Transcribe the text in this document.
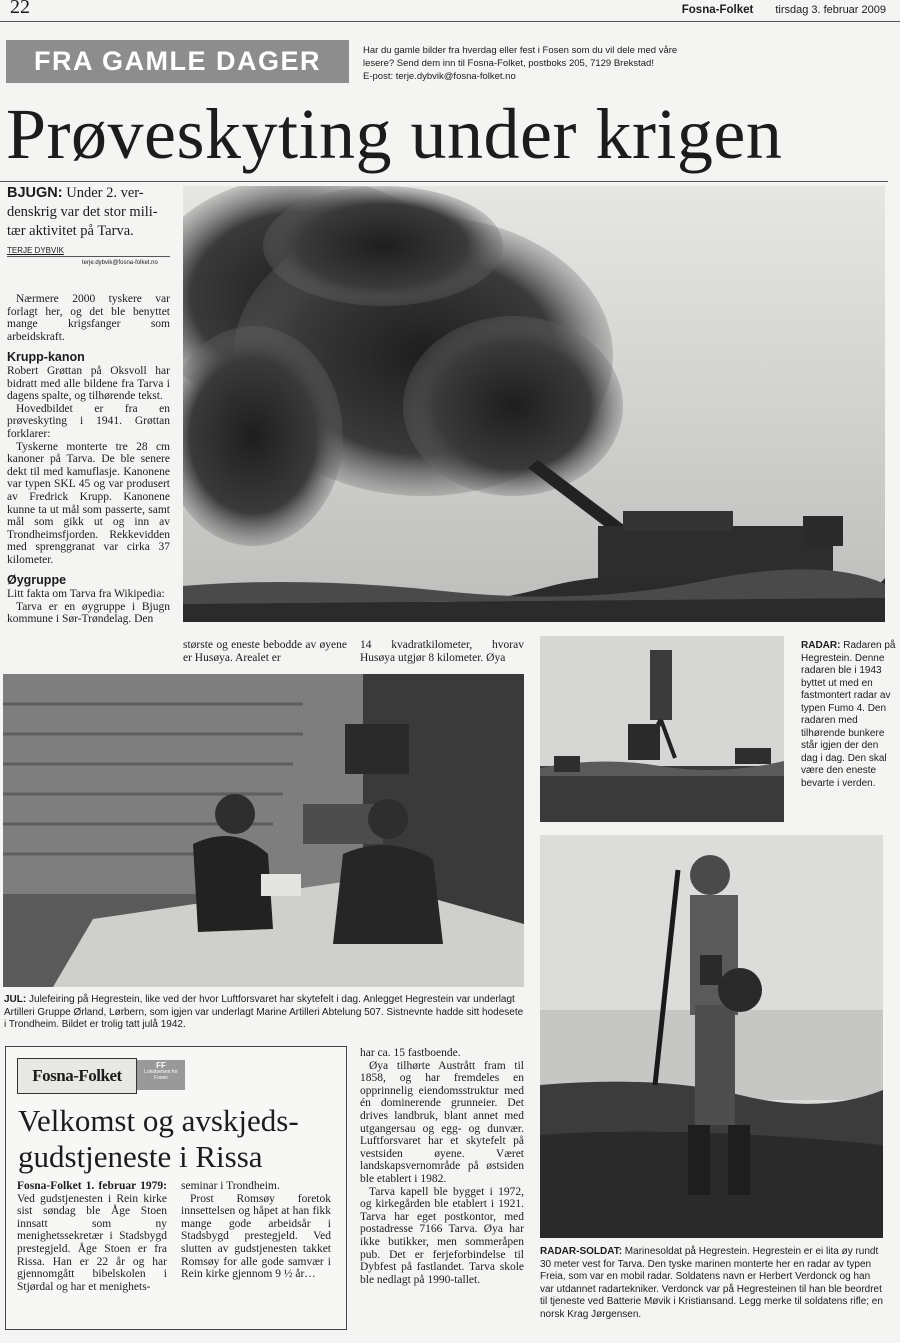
22	Fosna-Folket tirsdag 3. februar 2009
FRA GAMLE DAGER	Har du gamle bilder fra hverdag eller fest i Fosen som du vil dele med våre
lesere? Send dem inn til Fosna-Folket, postboks 205, 7129 Brekstad!
E-post: terje.dybvik@fosna-folket.no
Prøveskyting under krigen
BJUGN: Under 2. ver-
denskrig var det stor mili-
tær aktivitet på Tarva.
TERJE DYBVIK
terje.dybvik@fosna-folket.no

Nærmere 2000 tyskere var forlagt her, og det ble benyttet mange krigsfanger som arbeidskraft.

Krupp-kanon

Robert Grøttan på Oksvoll har bidratt med alle bildene fra Tarva i dagens spalte, og tilhørende tekst.

Hovedbildet er fra en prøveskyting i 1941. Grøttan forklarer:

Tyskerne monterte tre 28 cm kanoner på Tarva. De ble senere dekt til med kamuflasje. Kanonene var typen SKL 45 og var produsert av Fredrick Krupp. Kanonene kunne ta ut mål som passerte, samt mål som gikk ut og inn av Trondheimsfjorden. Rekkevidden med sprenggranat var cirka 37 kilometer.

Øygruppe

Litt fakta om Tarva fra Wikipedia:

Tarva er en øygruppe i Bjugn kommune i Sør-Trøndelag. Den

største og eneste bebodde av øyene er Husøya. Arealet er

14 kvadratkilometer, hvorav Husøya utgjør 8 kilometer. Øya

RADAR: Radaren på Hegrestein. Denne radaren ble i 1943 byttet ut med en fastmontert radar av typen Fumo 4. Den radaren med tilhørende bunkere står igjen der den dag i dag. Den skal være den eneste bevarte i verden.
JUL: Julefeiring på Hegrestein, like ved der hvor Luftforsvaret har skytefelt i dag. Anlegget Hegrestein var underlagt Artilleri Gruppe Ørland, Lørbern, som igjen var underlagt Marine Artilleri Abtelung 507. Sistnevnte hadde sitt hodesete i Trondheim. Bildet er trolig tatt julå 1942.
RADAR-SOLDAT: Marinesoldat på Hegrestein. Hegrestein er ei lita øy rundt 30 meter vest for Tarva. Den tyske marinen monterte her en radar av typen Freia, som var en mobil radar. Soldatens navn er Herbert Verdonck og han var utdannet radartekniker. Verdonck var på Hegresteinen til han ble beordret til tjeneste ved Batterie Møvik i Kristiansand. Legg merke til soldatens rifle; en norsk Krag Jørgensen.

har ca. 15 fastboende.

Øya tilhørte Austrått fram til 1858, og har fremdeles en opprinnelig eiendomsstruktur med én dominerende grunneier. Det drives landbruk, blant annet med utgangersau og egg- og dunvær. Luftforsvaret har et skytefelt på vestsiden øyene. Været landskapsvernområde på østsiden ble etablert i 1982.

Tarva kapell ble bygget i 1972, og kirkegården ble etablert i 1921. Tarva har eget postkontor, med postadresse 7166 Tarva. Øya har ikke butikker, men sommeråpen pub. Det er ferjeforbindelse til Dybfest på fastlandet. Tarva skole ble nedlagt på 1990-tallet.

Fosna-Folket
FF
Lokalavisen for Fosen
Velkomst og avskjeds-
gudstjeneste i Rissa

Fosna-Folket 1. februar 1979: Ved gudstjenesten i Rein kirke sist søndag ble Åge Stoen innsatt som ny menighetssekretær i Stadsbygd prestegjeld. Åge Stoen er fra Rissa. Han er 22 år og har gjennomgått bibelskolen i Stjørdal og har et menighets-

seminar i Trondheim.

Prost Romsøy foretok innsettelsen og håpet at han fikk mange gode arbeidsår i Stadsbygd prestegjeld. Ved slutten av gudstjenesten takket Romsøy for alle gode samvær i Rein kirke gjennom 9 ½ år…
